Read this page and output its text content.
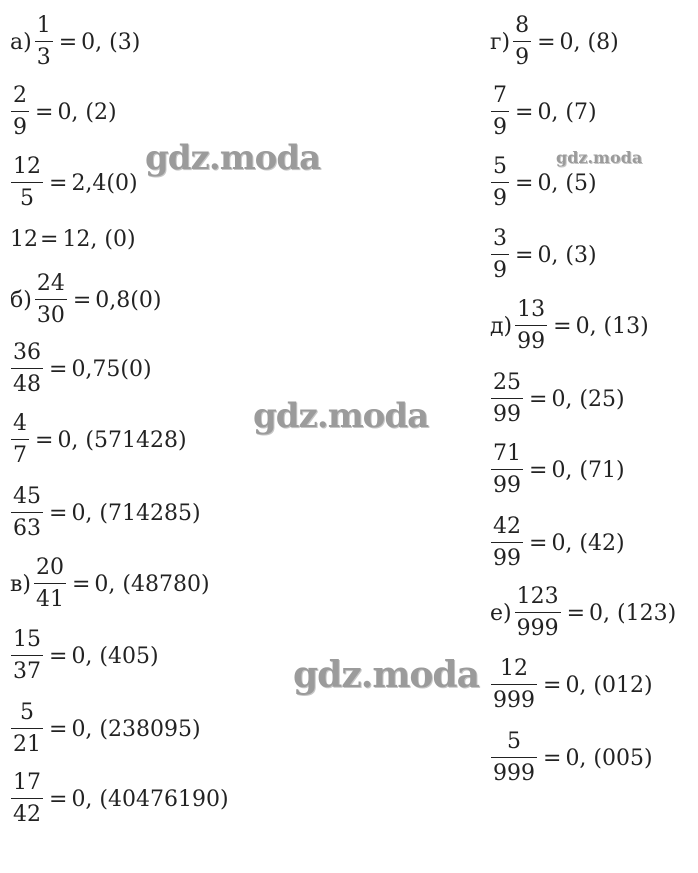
$а) \frac{1}{3} = 0$, (3)
$\frac{2}{9} = 0$, (2)
$\frac{12}{5} = 2,4(0)$
12 = 12, (0)
$б) \frac{24}{30} = 0,8(0)$
$\frac{36}{48} = 0,75(0)$
$\frac{4}{7} = 0$, (571428)
$\frac{45}{63} = 0$, (714285)
$в) \frac{20}{41} = 0$, (48780)
$\frac{15}{37} = 0$, (405)
$\frac{5}{21} = 0$, (238095)
$\frac{17}{42} = 0$, (40476190)
$г) \frac{8}{9} = 0$, (8)
$\frac{7}{9} = 0$, (7)
$\frac{5}{9} = 0$, (5)
$\frac{3}{9} = 0$, (3)
$д) \frac{13}{99} = 0$, (13)
$\frac{25}{99} = 0$, (25)
$\frac{71}{99} = 0$, (71)
$\frac{42}{99} = 0$, (42)
$е) \frac{123}{999} = 0$, (123)
$\frac{12}{999} = 0$, (012)
$\frac{5}{999} = 0$, (005)
gdz.moda	gdz.moda
gdz.moda
gdz.moda
